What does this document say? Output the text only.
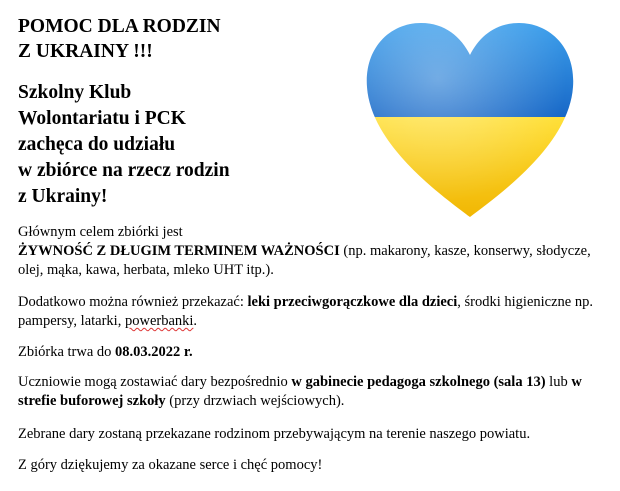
POMOC DLA RODZIN
Z UKRAINY !!!
Szkolny Klub
Wolontariatu i PCK
zachęca do udziału
w zbiórce na rzecz rodzin
z Ukrainy!

Głównym celem zbiórki jest
ŻYWNOŚĆ Z DŁUGIM TERMINEM WAŻNOŚCI (np. makarony, kasze, konserwy, słodycze, olej, mąka, kawa, herbata, mleko UHT itp.).

Dodatkowo można również przekazać: leki przeciwgorączkowe dla dzieci, środki higieniczne np. pampersy, latarki, powerbanki.

Zbiórka trwa do 08.03.2022 r.

Uczniowie mogą zostawiać dary bezpośrednio w gabinecie pedagoga szkolnego (sala 13) lub w strefie buforowej szkoły (przy drzwiach wejściowych).

Zebrane dary zostaną przekazane rodzinom przebywającym na terenie naszego powiatu.

Z góry dziękujemy za okazane serce i chęć pomocy!
